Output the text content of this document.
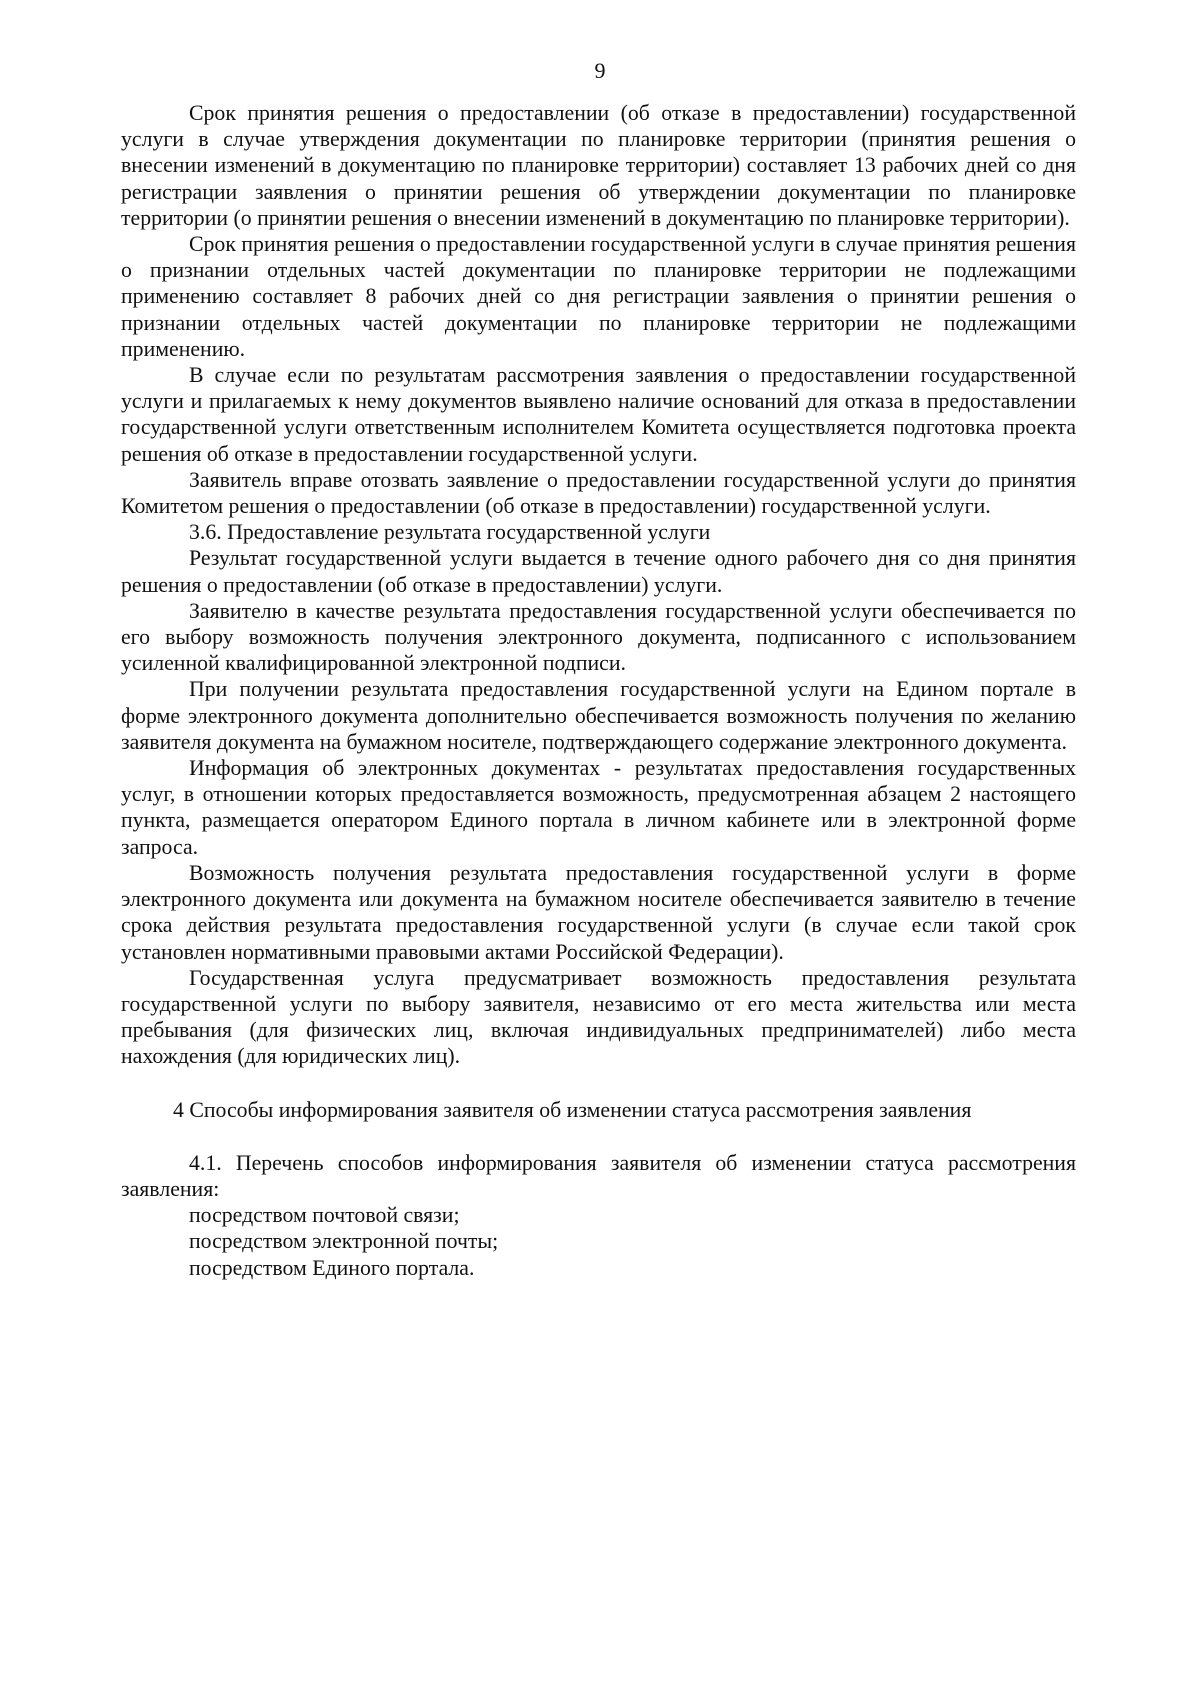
9

Срок принятия решения о предоставлении (об отказе в предоставлении) государственной услуги в случае утверждения документации по планировке территории (принятия решения о внесении изменений в документацию по планировке территории) составляет 13 рабочих дней со дня регистрации заявления о принятии решения об утверждении документации по планировке территории (о принятии решения о внесении изменений в документацию по планировке территории).

Срок принятия решения о предоставлении государственной услуги в случае принятия решения о признании отдельных частей документации по планировке территории не подлежащими применению составляет 8 рабочих дней со дня регистрации заявления о принятии решения о признании отдельных частей документации по планировке территории не подлежащими применению.

В случае если по результатам рассмотрения заявления о предоставлении государственной услуги и прилагаемых к нему документов выявлено наличие оснований для отказа в предоставлении государственной услуги ответственным исполнителем Комитета осуществляется подготовка проекта решения об отказе в предоставлении государственной услуги.

Заявитель вправе отозвать заявление о предоставлении государственной услуги до принятия Комитетом решения о предоставлении (об отказе в предоставлении) государственной услуги.

3.6. Предоставление результата государственной услуги

Результат государственной услуги выдается в течение одного рабочего дня со дня принятия решения о предоставлении (об отказе в предоставлении) услуги.

Заявителю в качестве результата предоставления государственной услуги обеспечивается по его выбору возможность получения электронного документа, подписанного с использованием усиленной квалифицированной электронной подписи.

При получении результата предоставления государственной услуги на Едином портале в форме электронного документа дополнительно обеспечивается возможность получения по желанию заявителя документа на бумажном носителе, подтверждающего содержание электронного документа.

Информация об электронных документах - результатах предоставления государственных услуг, в отношении которых предоставляется возможность, предусмотренная абзацем 2 настоящего пункта, размещается оператором Единого портала в личном кабинете или в электронной форме запроса.

Возможность получения результата предоставления государственной услуги в форме электронного документа или документа на бумажном носителе обеспечивается заявителю в течение срока действия результата предоставления государственной услуги (в случае если такой срок установлен нормативными правовыми актами Российской Федерации).

Государственная услуга предусматривает возможность предоставления результата государственной услуги по выбору заявителя, независимо от его места жительства или места пребывания (для физических лиц, включая индивидуальных предпринимателей) либо места нахождения (для юридических лиц).

4 Способы информирования заявителя об изменении статуса рассмотрения заявления

4.1. Перечень способов информирования заявителя об изменении статуса рассмотрения заявления:

посредством почтовой связи;

посредством электронной почты;

посредством Единого портала.
